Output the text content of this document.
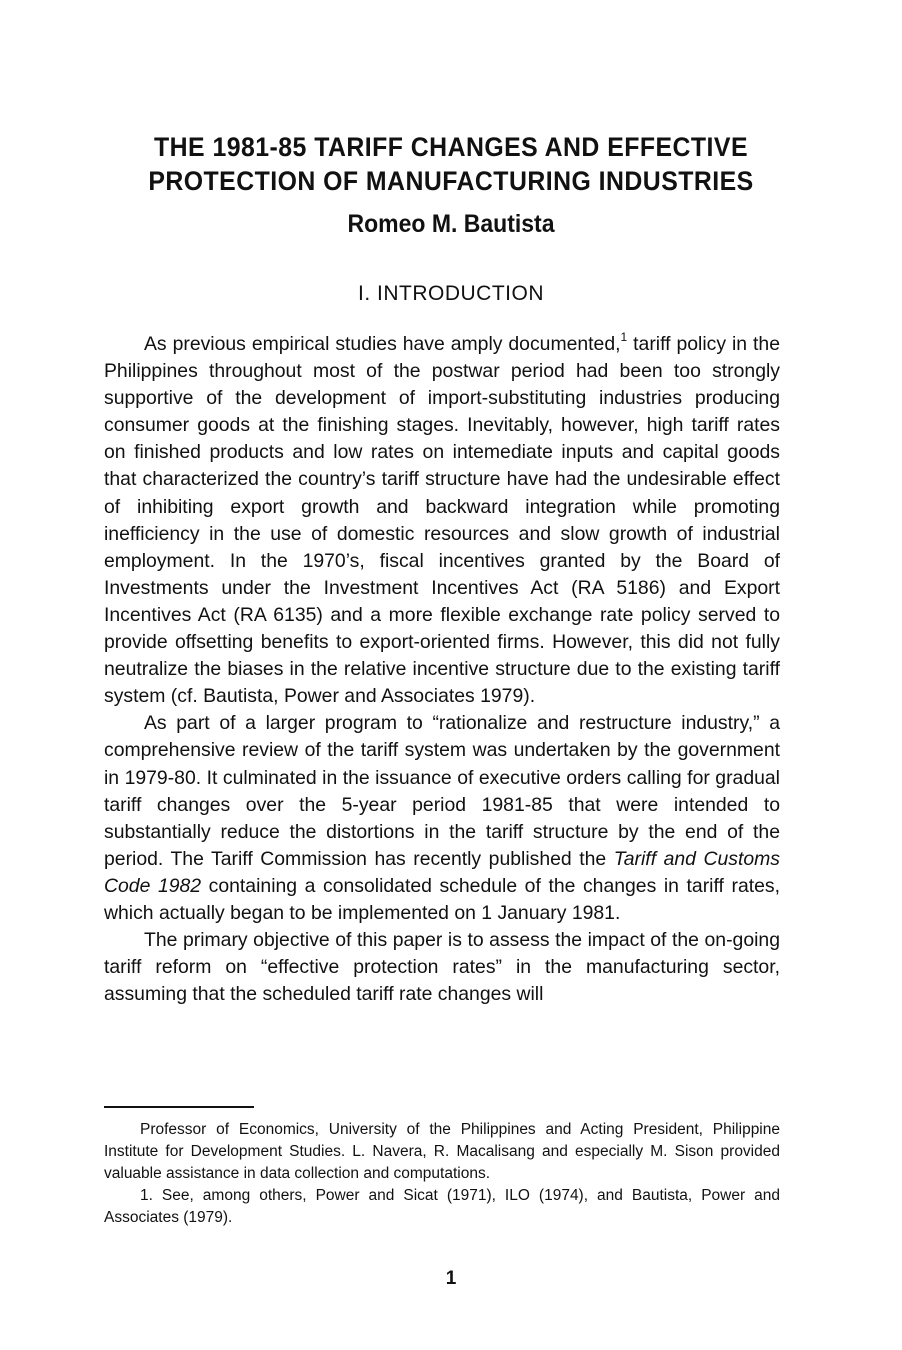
THE 1981-85 TARIFF CHANGES AND EFFECTIVE
PROTECTION OF MANUFACTURING INDUSTRIES
Romeo M. Bautista
I. INTRODUCTION

As previous empirical studies have amply documented,$^1$ tariff policy in the Philippines throughout most of the postwar period had been too strongly supportive of the development of import-substituting industries producing consumer goods at the finishing stages. Inevitably, however, high tariff rates on finished products and low rates on intemediate inputs and capital goods that characterized the country’s tariff structure have had the undesirable effect of inhibiting export growth and backward integration while promoting inefficiency in the use of domestic resources and slow growth of industrial employment. In the 1970’s, fiscal incentives granted by the Board of Investments under the Investment Incentives Act (RA 5186) and Export Incentives Act (RA 6135) and a more flexible exchange rate policy served to provide offsetting benefits to export-oriented firms. However, this did not fully neutralize the biases in the relative incentive structure due to the existing tariff system (cf. Bautista, Power and Associates 1979).

As part of a larger program to “rationalize and restructure industry,” a comprehensive review of the tariff system was undertaken by the government in 1979-80. It culminated in the issuance of executive orders calling for gradual tariff changes over the 5-year period 1981-85 that were intended to substantially reduce the distortions in the tariff structure by the end of the period. The Tariff Commission has recently published the Tariff and Customs Code 1982 containing a consolidated schedule of the changes in tariff rates, which actually began to be implemented on 1 January 1981.

The primary objective of this paper is to assess the impact of the on-going tariff reform on “effective protection rates” in the manufacturing sector, assuming that the scheduled tariff rate changes will

Professor of Economics, University of the Philippines and Acting President, Philippine Institute for Development Studies. L. Navera, R. Macalisang and especially M. Sison provided valuable assistance in data collection and computations.

1. See, among others, Power and Sicat (1971), ILO (1974), and Bautista, Power and Associates (1979).

1
